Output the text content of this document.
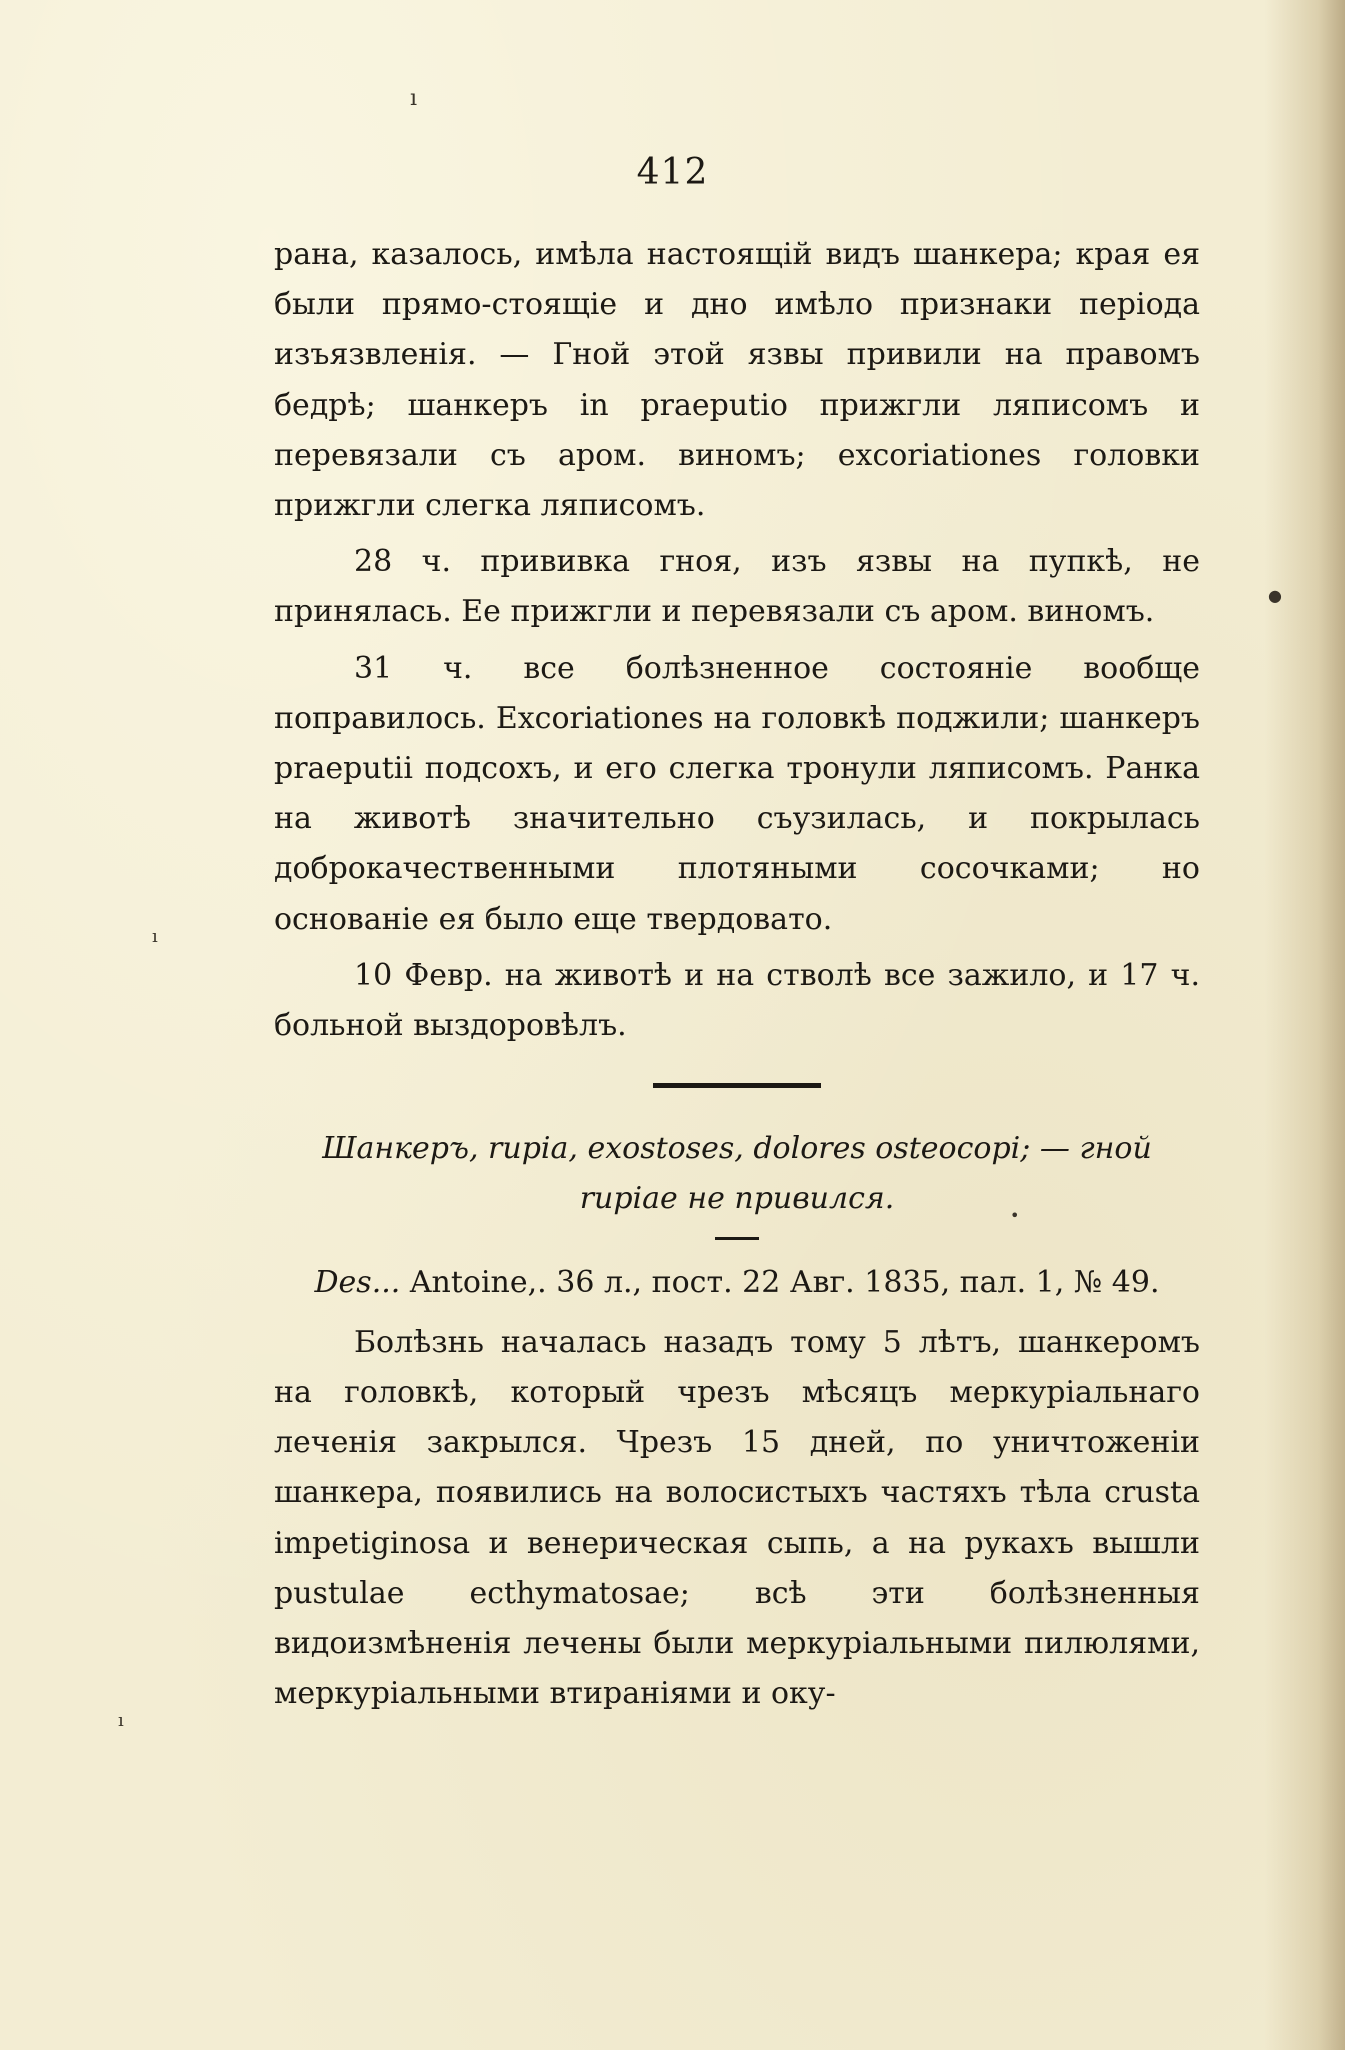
ı
●
ı
•
ı
412

рана, казалось, имѣла настоящій видъ шанкера; края ея были прямо-стоящіе и дно имѣло признаки періода изъязвленія. — Гной этой язвы привили на правомъ бедрѣ; шанкеръ in praeputio прижгли ляписомъ и перевязали съ аром. виномъ; excoriationes головки прижгли слегка ляписомъ.

28 ч. прививка гноя, изъ язвы на пупкѣ, не принялась. Ее прижгли и перевязали съ аром. виномъ.

31 ч. все болѣзненное состояніе вообще поправилось. Excoriationes на головкѣ поджили; шанкеръ praeputii подсохъ, и его слегка тронули ляписомъ. Ранка на животѣ значительно съузилась, и покрылась доброкачественными плотяными сосочками; но основаніе ея было еще твердовато.

10 Февр. на животѣ и на стволѣ все зажило, и 17 ч. больной выздоровѣлъ.

Шанкеръ, rupia, exostoses, dolores osteocopi; — гной rupiae не привился.

Des... Antoine,. 36 л., пост. 22 Авг. 1835, пал. 1, № 49.

Болѣзнь началась назадъ тому 5 лѣтъ, шанкеромъ на головкѣ, который чрезъ мѣсяцъ меркуріальнаго леченія закрылся. Чрезъ 15 дней, по уничтоженіи шанкера, появились на волосистыхъ частяхъ тѣла crusta impetiginosa и венерическая сыпь, а на рукахъ вышли pustulae ecthymatosae; всѣ эти болѣзненныя видоизмѣненія лечены были меркуріальными пилюлями, меркуріальными втираніями и оку-
